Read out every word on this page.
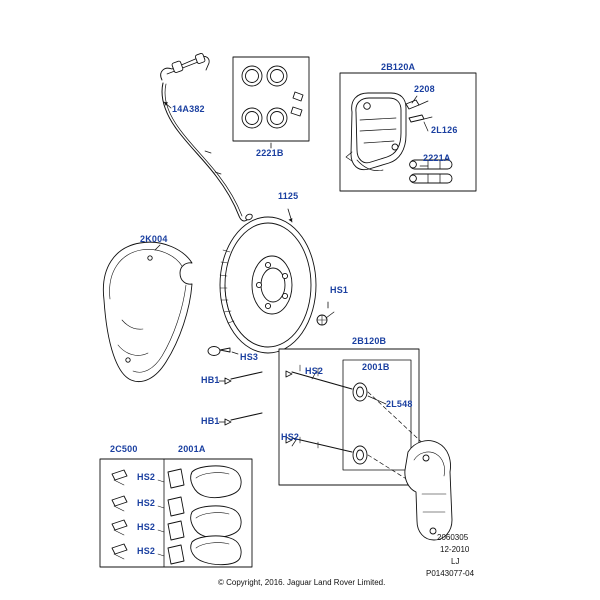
14A382
2221B
2B120A
2208
2L126
2221A
1125
2K004
HS1
HS3
HB1
HB1
2B120B
2001B
HS2
HS2
2L548
2C500	2001A
HS2
HS2
HS2
HS2
2060305
12-2010
LJ
P0143077-04
© Copyright, 2016. Jaguar Land Rover Limited.
